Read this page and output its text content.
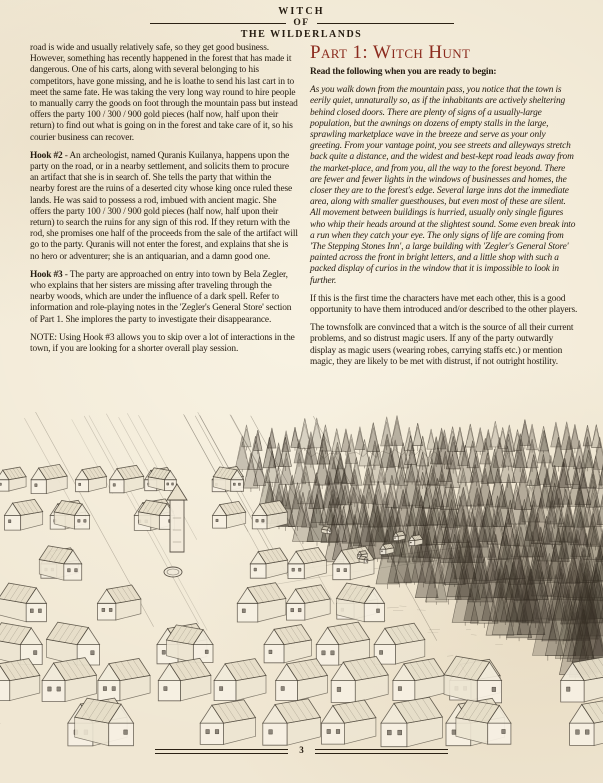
WITCH
OF
THE WILDERLANDS

road is wide and usually relatively safe, so they get good business. However, something has recently happened in the forest that has made it dangerous. One of his carts, along with several belonging to his competitors, have gone missing, and he is loathe to send his last cart in to meet the same fate. He was taking the very long way round to hire people to manually carry the goods on foot through the mountain pass but instead offers the party 100 / 300 / 900 gold pieces (half now, half upon their return) to find out what is going on in the forest and take care of it, so his courier business can recover.

Hook #2 - An archeologist, named Quranis Kuilanya, happens upon the party on the road, or in a nearby settlement, and solicits them to procure an artifact that she is in search of. She tells the party that within the nearby forest are the ruins of a deserted city whose king once ruled these lands. He was said to possess a rod, imbued with ancient magic. She offers the party 100 / 300 / 900 gold pieces (half now, half upon their return) to search the ruins for any sign of this rod. If they return with the rod, she promises one half of the proceeds from the sale of the artifact will go to the party. Quranis will not enter the forest, and explains that she is no hero or adventurer; she is an antiquarian, and a damn good one.

Hook #3 - The party are approached on entry into town by Bela Zegler, who explains that her sisters are missing after traveling through the nearby woods, which are under the influence of a dark spell. Refer to information and role-playing notes in the 'Zegler's General Store' section of Part 1. She implores the party to investigate their disappearance.

NOTE: Using Hook #3 allows you to skip over a lot of interactions in the town, if you are looking for a shorter overall play session.

Part 1: Witch Hunt

Read the following when you are ready to begin:

As you walk down from the mountain pass, you notice that the town is eerily quiet, unnaturally so, as if the inhabitants are actively sheltering behind closed doors. There are plenty of signs of a usually-large population, but the awnings on dozens of empty stalls in the large, sprawling marketplace wave in the breeze and serve as your only greeting. From your vantage point, you see streets and alleyways stretch back quite a distance, and the widest and best-kept road leads away from the market-place, and from you, all the way to the forest beyond. There are fewer and fewer lights in the windows of businesses and homes, the closer they are to the forest's edge. Several large inns dot the immediate area, along with smaller guesthouses, but even most of these are silent. All movement between buildings is hurried, usually only single figures who whip their heads around at the slightest sound. Some even break into a run when they catch your eye. The only signs of life are coming from 'The Stepping Stones Inn', a large building with 'Zegler's General Store' painted across the front in bright letters, and a little shop with such a packed display of curios in the window that it is impossible to look in further.

If this is the first time the characters have met each other, this is a good opportunity to have them introduced and/or described to the other players.

The townsfolk are convinced that a witch is the source of all their current problems, and so distrust magic users. If any of the party outwardly display as magic users (wearing robes, carrying staffs etc.) or mention magic, they are likely to be met with distrust, if not outright hostility.

3
